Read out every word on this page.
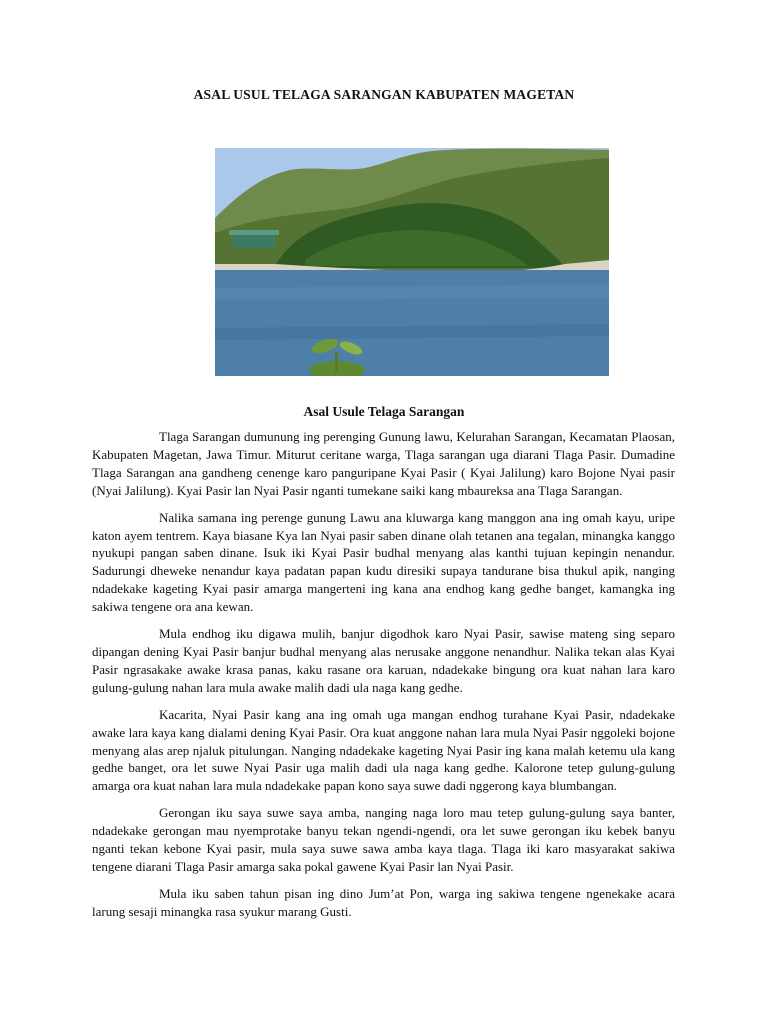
ASAL USUL TELAGA SARANGAN KABUPATEN MAGETAN
Asal Usule Telaga Sarangan

Tlaga Sarangan dumunung ing perenging Gunung lawu, Kelurahan Sarangan, Kecamatan Plaosan, Kabupaten Magetan, Jawa Timur. Miturut ceritane warga, Tlaga sarangan uga diarani Tlaga Pasir. Dumadine Tlaga Sarangan ana gandheng cenenge karo panguripane Kyai Pasir ( Kyai Jalilung) karo Bojone Nyai pasir (Nyai Jalilung). Kyai Pasir lan Nyai Pasir nganti tumekane saiki kang mbaureksa ana Tlaga Sarangan.

Nalika samana ing perenge gunung Lawu ana kluwarga kang manggon ana ing omah kayu, uripe katon ayem tentrem. Kaya biasane Kya lan Nyai pasir saben dinane olah tetanen ana tegalan, minangka kanggo nyukupi pangan saben dinane. Isuk iki Kyai Pasir budhal menyang alas kanthi tujuan kepingin nenandur. Sadurungi dheweke nenandur kaya padatan papan kudu diresiki supaya tandurane bisa thukul apik, nanging ndadekake kageting Kyai pasir amarga mangerteni ing kana ana endhog kang gedhe banget, kamangka ing sakiwa tengene ora ana kewan.

Mula endhog iku digawa mulih, banjur digodhok karo Nyai Pasir, sawise mateng sing separo dipangan dening Kyai Pasir banjur budhal menyang alas nerusake anggone nenandhur. Nalika tekan alas Kyai Pasir ngrasakake awake krasa panas, kaku rasane ora karuan, ndadekake bingung ora kuat nahan lara karo gulung-gulung nahan lara mula awake malih dadi ula naga kang gedhe.

Kacarita, Nyai Pasir kang ana ing omah uga mangan endhog turahane Kyai Pasir, ndadekake awake lara kaya kang dialami dening Kyai Pasir. Ora kuat anggone nahan lara mula Nyai Pasir nggoleki bojone menyang alas arep njaluk pitulungan. Nanging ndadekake kageting Nyai Pasir ing kana malah ketemu ula kang gedhe banget, ora let suwe Nyai Pasir uga malih dadi ula naga kang gedhe. Kalorone tetep gulung-gulung amarga ora kuat nahan lara mula ndadekake papan kono saya suwe dadi nggerong kaya blumbangan.

Gerongan iku saya suwe saya amba, nanging naga loro mau tetep gulung-gulung saya banter, ndadekake gerongan mau nyemprotake banyu tekan ngendi-ngendi, ora let suwe gerongan iku kebek banyu nganti tekan kebone Kyai pasir, mula saya suwe sawa amba kaya tlaga. Tlaga iki karo masyarakat sakiwa tengene diarani Tlaga Pasir amarga saka pokal gawene Kyai Pasir lan Nyai Pasir.

Mula iku saben tahun pisan ing dino Jum’at Pon, warga ing sakiwa tengene ngenekake acara larung sesaji minangka rasa syukur marang Gusti.
